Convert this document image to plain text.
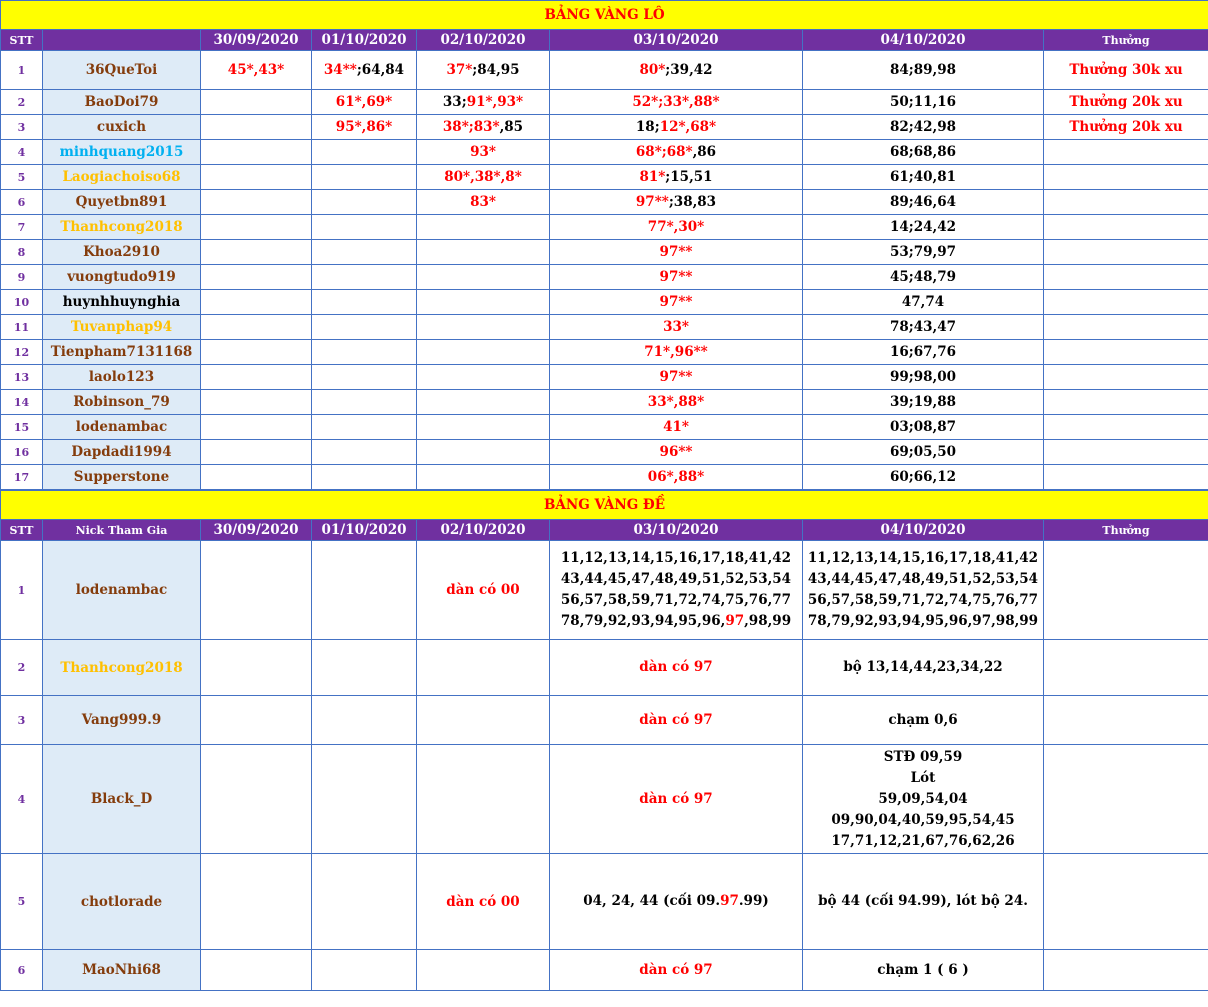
BẢNG VÀNG LÔ							
STT		30/09/2020	01/10/2020	02/10/2020	03/10/2020	04/10/2020	Thưởng
1	36QueToi	45*,43*	34**;64,84	37*;84,95	80*;39,42	84;89,98	Thưởng 30k xu
2	BaoDoi79		61*,69*	33;91*,93*	52*;33*,88*	50;11,16	Thưởng 20k xu
3	cuxich		95*,86*	38*;83*,85	18;12*,68*	82;42,98	Thưởng 20k xu
4	minhquang2015			93*	68*;68*,86	68;68,86	
5	Laogiachoiso68			80*,38*,8*	81*;15,51	61;40,81	
6	Quyetbn891			83*	97**;38,83	89;46,64	
7	Thanhcong2018				77*,30*	14;24,42	
8	Khoa2910				97**	53;79,97	
9	vuongtudo919				97**	45;48,79	
10	huynhhuynghia				97**	47,74	
11	Tuvanphap94				33*	78;43,47	
12	Tienpham7131168				71*,96**	16;67,76	
13	laolo123				97**	99;98,00	
14	Robinson_79				33*,88*	39;19,88	
15	lodenambac				41*	03;08,87	
16	Dapdadi1994				96**	69;05,50	
17	Supperstone				06*,88*	60;66,12	
BẢNG VÀNG ĐỀ							
STT	Nick Tham Gia	30/09/2020	01/10/2020	02/10/2020	03/10/2020	04/10/2020	Thưởng
1	lodenambac			dàn có 00	11,12,13,14,15,16,17,18,41,42
43,44,45,47,48,49,51,52,53,54
56,57,58,59,71,72,74,75,76,77
78,79,92,93,94,95,96,97,98,99	11,12,13,14,15,16,17,18,41,42
43,44,45,47,48,49,51,52,53,54
56,57,58,59,71,72,74,75,76,77
78,79,92,93,94,95,96,97,98,99	
2	Thanhcong2018				dàn có 97	bộ 13,14,44,23,34,22	
3	Vang999.9				dàn có 97	chạm 0,6	
4	Black_D				dàn có 97	STĐ 09,59
Lót
59,09,54,04
09,90,04,40,59,95,54,45
17,71,12,21,67,76,62,26	
5	chotlorade			dàn có 00	04, 24, 44 (cối 09.97.99)	bộ 44 (cối 94.99), lót bộ 24.	
6	MaoNhi68				dàn có 97	chạm 1 ( 6 )	
